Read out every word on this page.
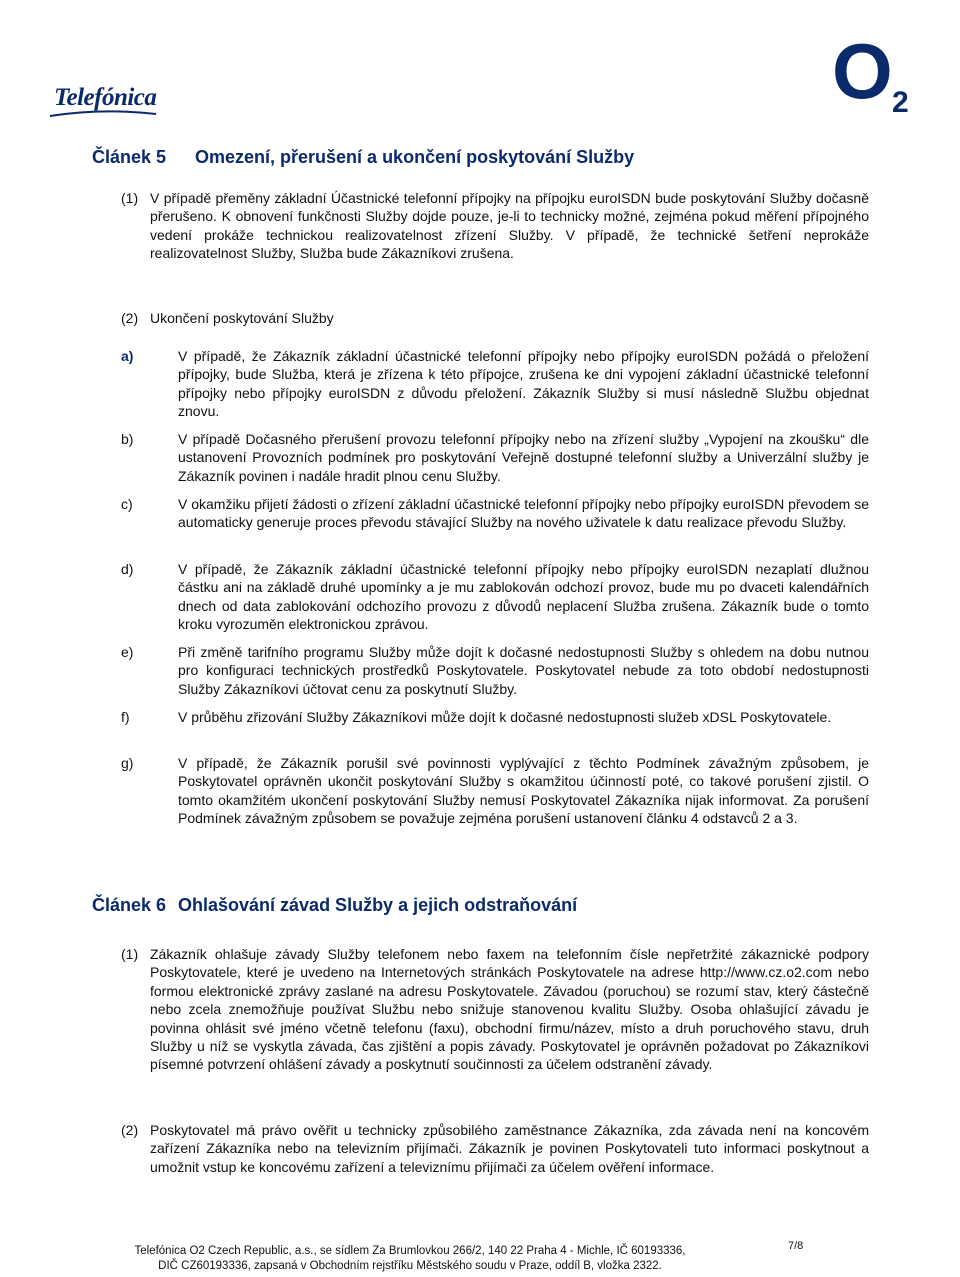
Telefónica	O 2
Článek 5 Omezení, přerušení a ukončení poskytování Služby
(1) V případě přeměny základní Účastnické telefonní přípojky na přípojku euroISDN bude poskytování Služby dočasně přerušeno. K obnovení funkčnosti Služby dojde pouze, je-li to technicky možné, zejména pokud měření přípojného vedení prokáže technickou realizovatelnost zřízení Služby. V případě, že technické šetření neprokáže realizovatelnost Služby, Služba bude Zákazníkovi zrušena.
(2) Ukončení poskytování Služby
a)	V případě, že Zákazník základní účastnické telefonní přípojky nebo přípojky euroISDN požádá o přeložení přípojky, bude Služba, která je zřízena k této přípojce, zrušena ke dni vypojení základní účastnické telefonní přípojky nebo přípojky euroISDN z důvodu přeložení. Zákazník Služby si musí následně Službu objednat znovu.
b)	V případě Dočasného přerušení provozu telefonní přípojky nebo na zřízení služby „Vypojení na zkoušku“ dle ustanovení Provozních podmínek pro poskytování Veřejně dostupné telefonní služby a Univerzální služby je Zákazník povinen i nadále hradit plnou cenu Služby.
c)	V okamžiku přijetí žádosti o zřízení základní účastnické telefonní přípojky nebo přípojky euroISDN převodem se automaticky generuje proces převodu stávající Služby na nového uživatele k datu realizace převodu Služby.
d)	V případě, že Zákazník základní účastnické telefonní přípojky nebo přípojky euroISDN nezaplatí dlužnou částku ani na základě druhé upomínky a je mu zablokován odchozí provoz, bude mu po dvaceti kalendářních dnech od data zablokování odchozího provozu z důvodů neplacení Služba zrušena. Zákazník bude o tomto kroku vyrozuměn elektronickou zprávou.
e)	Při změně tarifního programu Služby může dojít k dočasné nedostupnosti Služby s ohledem na dobu nutnou pro konfiguraci technických prostředků Poskytovatele. Poskytovatel nebude za toto období nedostupnosti Služby Zákazníkovi účtovat cenu za poskytnutí Služby.
f)	V průběhu zřizování Služby Zákazníkovi může dojít k dočasné nedostupnosti služeb xDSL Poskytovatele.
g)	V případě, že Zákazník porušil své povinnosti vyplývající z těchto Podmínek závažným způsobem, je Poskytovatel oprávněn ukončit poskytování Služby s okamžitou účinností poté, co takové porušení zjistil. O tomto okamžitém ukončení poskytování Služby nemusí Poskytovatel Zákazníka nijak informovat. Za porušení Podmínek závažným způsobem se považuje zejména porušení ustanovení článku 4 odstavců 2 a 3.
Článek 6 Ohlašování závad Služby a jejich odstraňování
(1) Zákazník ohlašuje závady Služby telefonem nebo faxem na telefonním čísle nepřetržité zákaznické podpory Poskytovatele, které je uvedeno na Internetových stránkách Poskytovatele na adrese http://www.cz.o2.com nebo formou elektronické zprávy zaslané na adresu Poskytovatele. Závadou (poruchou) se rozumí stav, který částečně nebo zcela znemožňuje používat Službu nebo snižuje stanovenou kvalitu Služby. Osoba ohlašující závadu je povinna ohlásit své jméno včetně telefonu (faxu), obchodní firmu/název, místo a druh poruchového stavu, druh Služby u níž se vyskytla závada, čas zjištění a popis závady. Poskytovatel je oprávněn požadovat po Zákazníkovi písemné potvrzení ohlášení závady a poskytnutí součinnosti za účelem odstranění závady.
(2) Poskytovatel má právo ověřit u technicky způsobilého zaměstnance Zákazníka, zda závada není na koncovém zařízení Zákazníka nebo na televizním přijímači. Zákazník je povinen Poskytovateli tuto informaci poskytnout a umožnit vstup ke koncovému zařízení a televiznímu přijímači za účelem ověření informace.
Telefónica O2 Czech Republic, a.s., se sídlem Za Brumlovkou 266/2, 140 22 Praha 4 - Michle, IČ 60193336,
DIČ CZ60193336, zapsaná v Obchodním rejstříku Městského soudu v Praze, oddíl B, vložka 2322.
7/8
